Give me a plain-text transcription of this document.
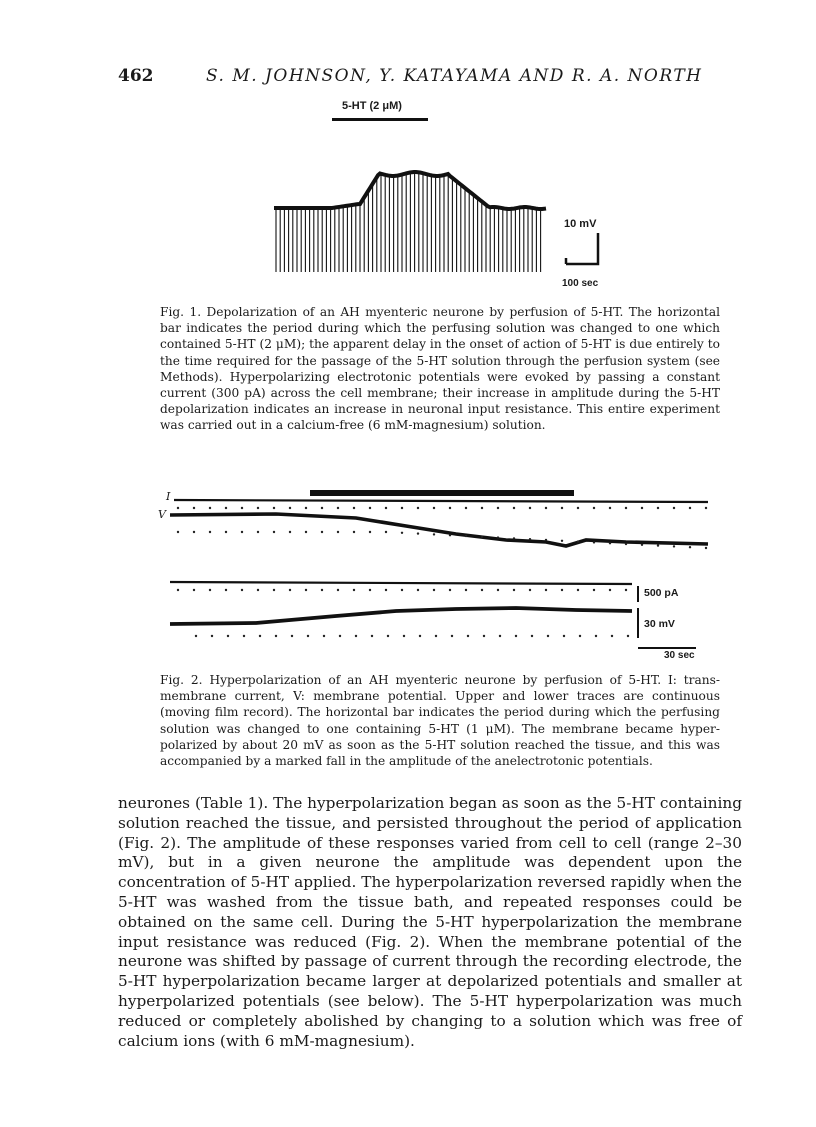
462	S. M. JOHNSON, Y. KATAYAMA AND R. A. NORTH
5-HT (2 μM)
10 mV
100 sec
Fig. 1. Depolarization of an AH myenteric neurone by perfusion of 5-HT. The horizontal bar indicates the period during which the perfusing solution was changed to one which contained 5-HT (2 μM); the apparent delay in the onset of action of 5-HT is due entirely to the time required for the passage of the 5-HT solution through the perfusion system (see Methods). Hyperpolarizing electrotonic potentials were evoked by passing a constant current (300 pA) across the cell membrane; their increase in amplitude during the 5-HT depolarization indicates an increase in neuronal input resistance. This entire experiment was carried out in a calcium-free (6 mM-magnesium) solution.
I
V
500 pA
30 mV
30 sec
Fig. 2. Hyperpolarization of an AH myenteric neurone by perfusion of 5-HT. I: trans-membrane current, V: membrane potential. Upper and lower traces are continuous (moving film record). The horizontal bar indicates the period during which the perfusing solution was changed to one containing 5-HT (1 μM). The membrane became hyper-polarized by about 20 mV as soon as the 5-HT solution reached the tissue, and this was accompanied by a marked fall in the amplitude of the anelectrotonic potentials.
neurones (Table 1). The hyperpolarization began as soon as the 5-HT containing solution reached the tissue, and persisted throughout the period of application (Fig. 2). The amplitude of these responses varied from cell to cell (range 2–30 mV), but in a given neurone the amplitude was dependent upon the concentration of 5-HT applied. The hyperpolarization reversed rapidly when the 5-HT was washed from the tissue bath, and repeated responses could be obtained on the same cell. During the 5-HT hyperpolarization the membrane input resistance was reduced (Fig. 2). When the membrane potential of the neurone was shifted by passage of current through the recording electrode, the 5-HT hyperpolarization became larger at depolarized potentials and smaller at hyperpolarized potentials (see below). The 5-HT hyperpolarization was much reduced or completely abolished by changing to a solution which was free of calcium ions (with 6 mM-magnesium).
